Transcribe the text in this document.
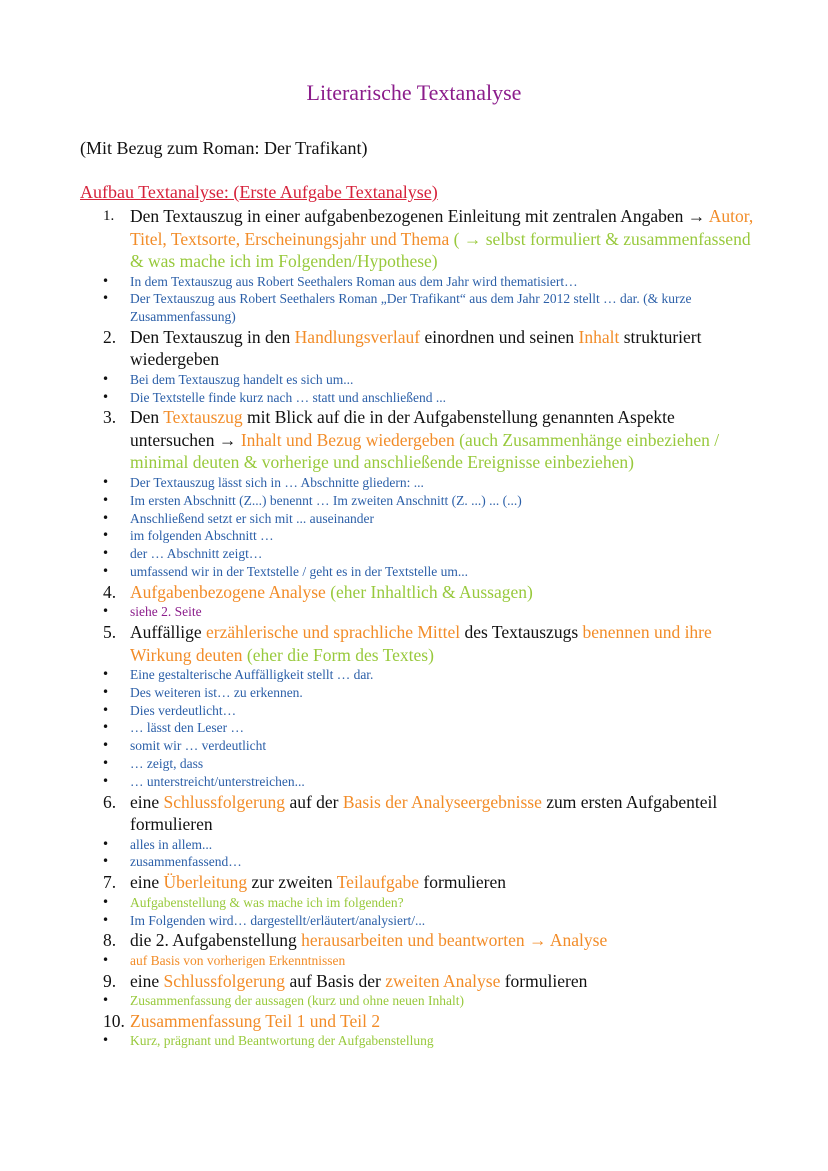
Literarische Textanalyse
(Mit Bezug zum Roman: Der Trafikant)
Aufbau Textanalyse: (Erste Aufgabe Textanalyse)
1. Den Textauszug in einer aufgabenbezogenen Einleitung mit zentralen Angaben → Autor, Titel, Textsorte, Erscheinungsjahr und Thema ( → selbst formuliert & zusammenfassend & was mache ich im Folgenden/Hypothese)
• In dem Textauszug aus Robert Seethalers Roman aus dem Jahr wird thematisiert…
• Der Textauszug aus Robert Seethalers Roman „Der Trafikant“ aus dem Jahr 2012 stellt … dar. (& kurze Zusammenfassung)
2. Den Textauszug in den Handlungsverlauf einordnen und seinen Inhalt strukturiert wiedergeben
• Bei dem Textauszug handelt es sich um...
• Die Textstelle finde kurz nach … statt und anschließend ...
3. Den Textauszug mit Blick auf die in der Aufgabenstellung genannten Aspekte untersuchen → Inhalt und Bezug wiedergeben (auch Zusammenhänge einbeziehen / minimal deuten & vorherige und anschließende Ereignisse einbeziehen)
• Der Textauszug lässt sich in … Abschnitte gliedern: ...
• Im ersten Abschnitt (Z...) benennt … Im zweiten Anschnitt (Z. ...) ... (...)
• Anschließend setzt er sich mit ... auseinander
• im folgenden Abschnitt …
• der … Abschnitt zeigt…
• umfassend wir in der Textstelle / geht es in der Textstelle um...
4. Aufgabenbezogene Analyse (eher Inhaltlich & Aussagen)
• siehe 2. Seite
5. Auffällige erzählerische und sprachliche Mittel des Textauszugs benennen und ihre Wirkung deuten (eher die Form des Textes)
• Eine gestalterische Auffälligkeit stellt … dar.
• Des weiteren ist… zu erkennen.
• Dies verdeutlicht…
• … lässt den Leser …
• somit wir … verdeutlicht
• … zeigt, dass
• … unterstreicht/unterstreichen...
6. eine Schlussfolgerung auf der Basis der Analyseergebnisse zum ersten Aufgabenteil formulieren
• alles in allem...
• zusammenfassend…
7. eine Überleitung zur zweiten Teilaufgabe formulieren
• Aufgabenstellung & was mache ich im folgenden?
• Im Folgenden wird… dargestellt/erläutert/analysiert/...
8. die 2. Aufgabenstellung herausarbeiten und beantworten → Analyse
• auf Basis von vorherigen Erkenntnissen
9. eine Schlussfolgerung auf Basis der zweiten Analyse formulieren
• Zusammenfassung der aussagen (kurz und ohne neuen Inhalt)
10. Zusammenfassung Teil 1 und Teil 2
• Kurz, prägnant und Beantwortung der Aufgabenstellung
